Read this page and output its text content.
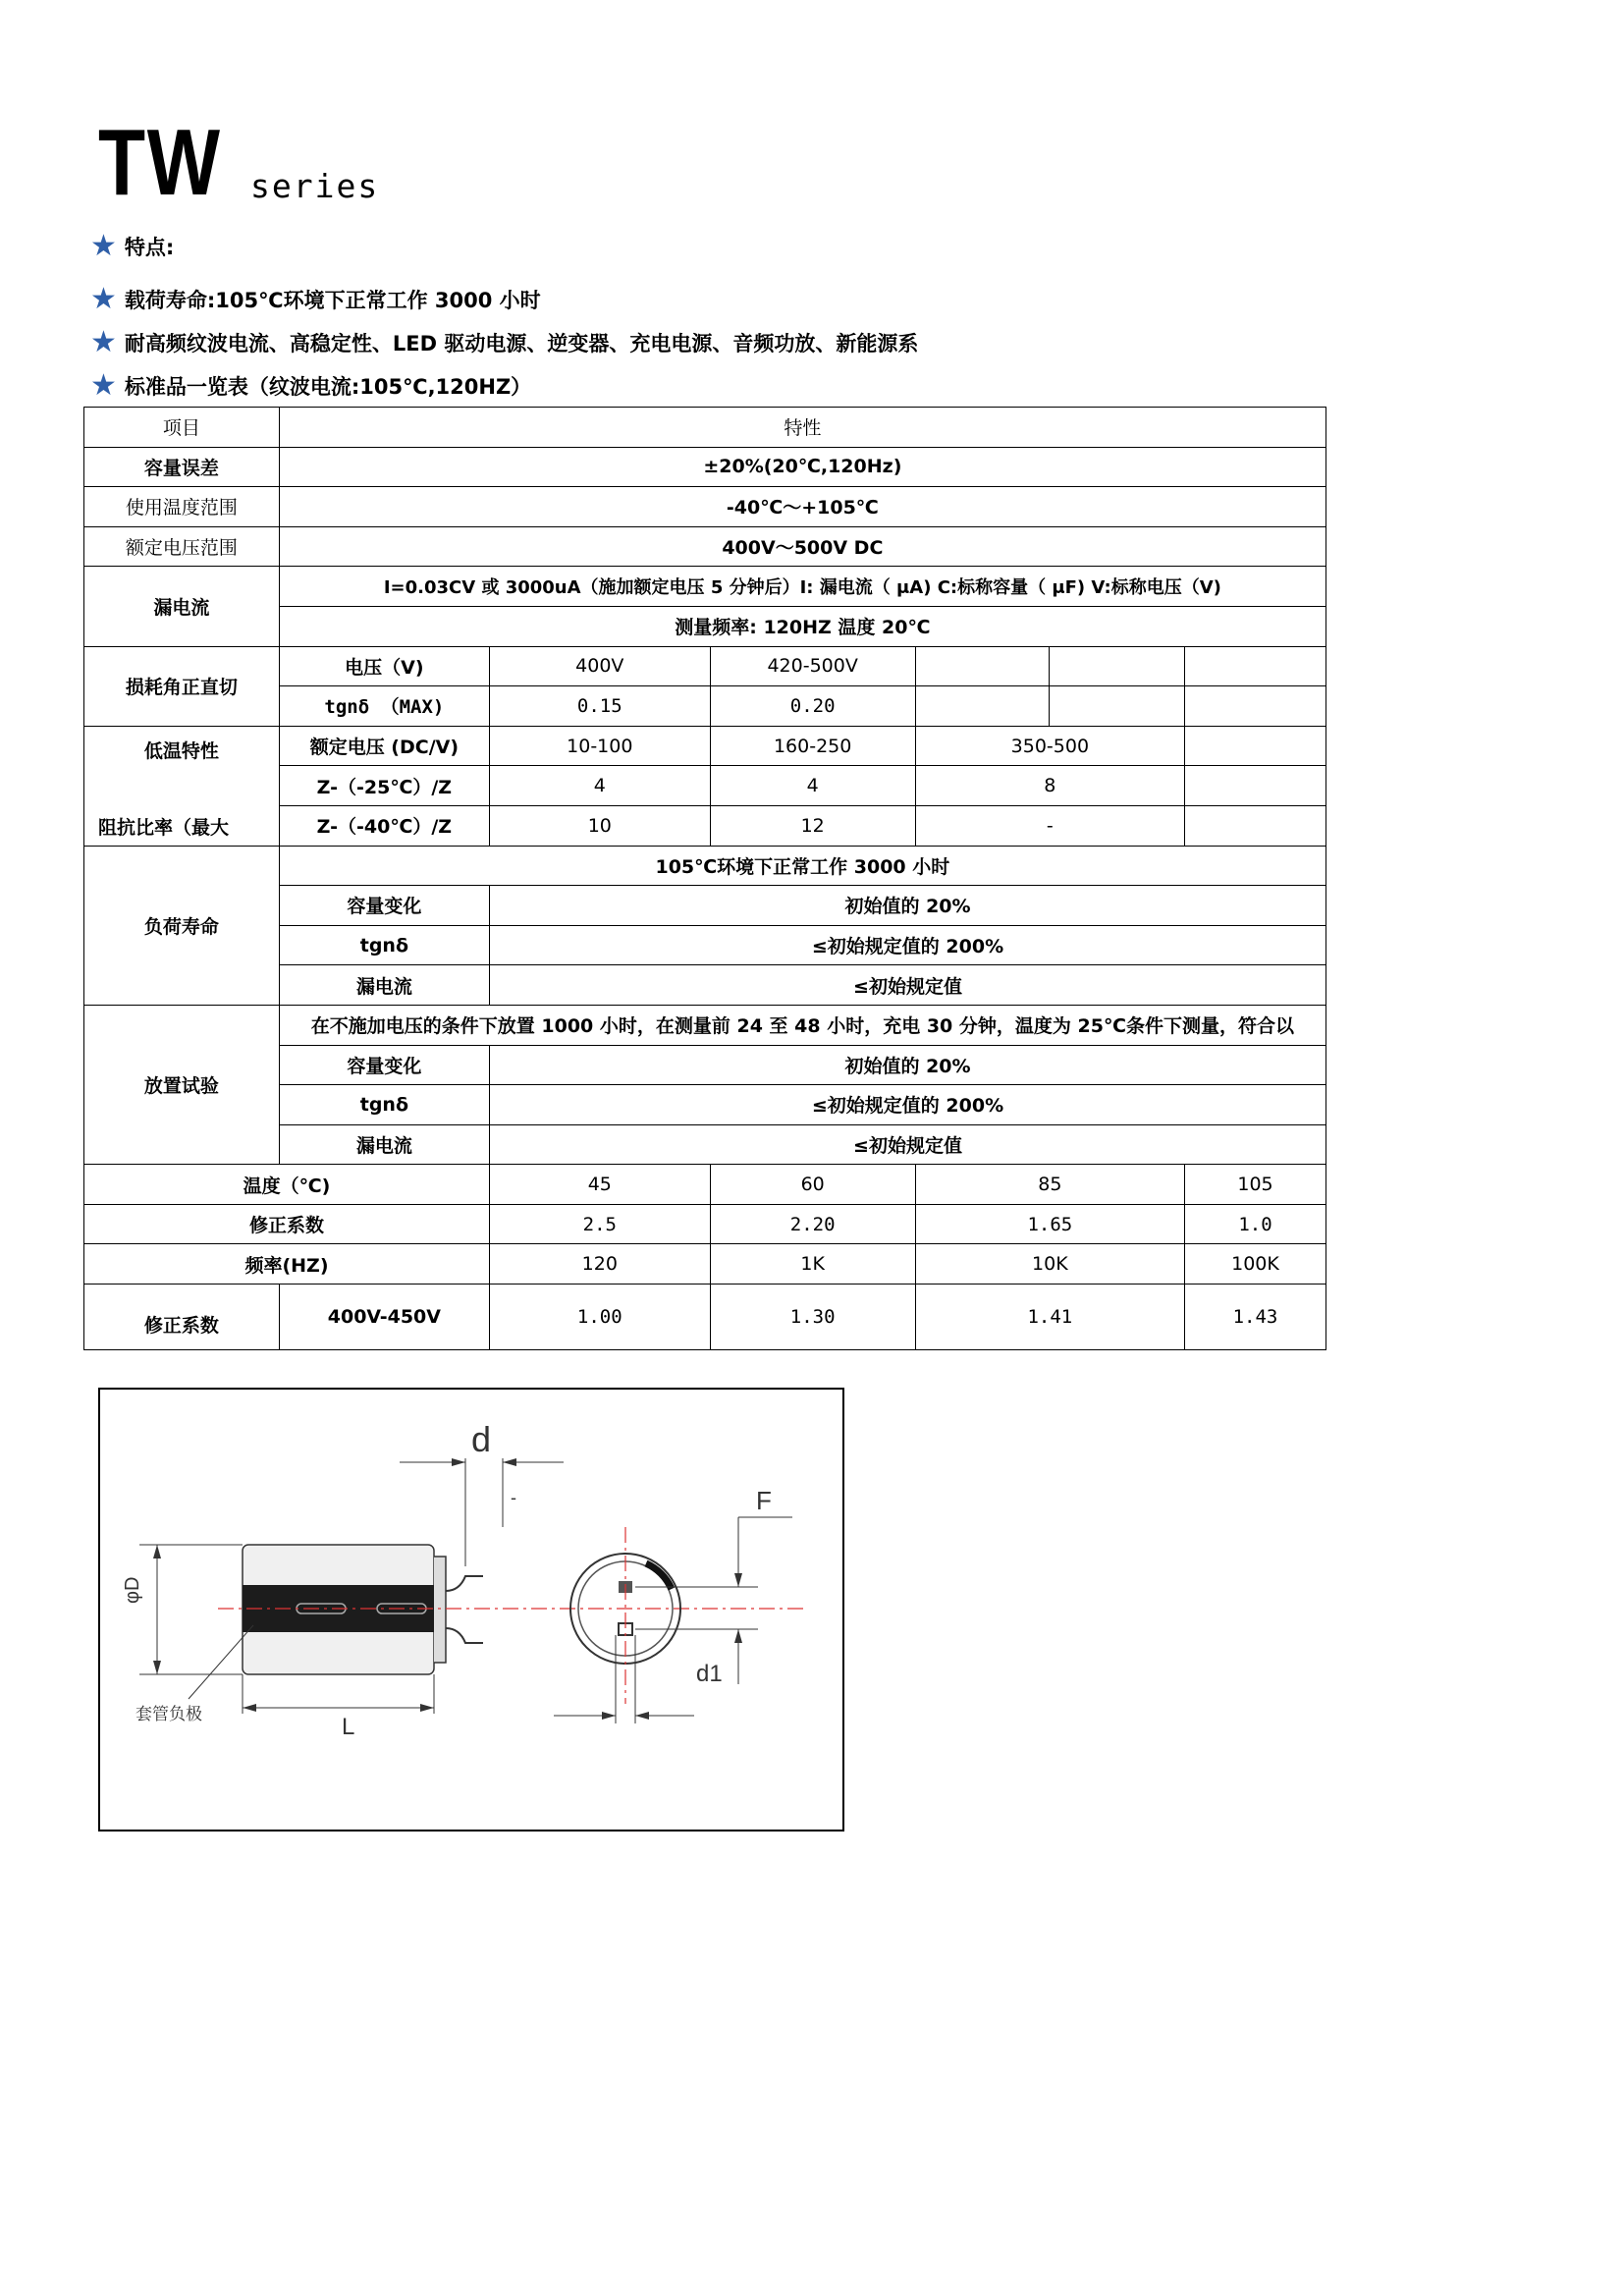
TW series
★ 特点:
★ 载荷寿命:105℃环境下正常工作 3000 小时
★ 耐高频纹波电流、高稳定性、LED 驱动电源、逆变器、充电电源、音频功放、新能源系
★ 标准品一览表（纹波电流:105℃,120HZ）
项目	特性					
容量误差	±20%(20℃,120Hz)					
使用温度范围	-40℃～+105℃					
额定电压范围	400V～500V DC					
漏电流	I=0.03CV 或 3000uA（施加额定电压 5 分钟后）I: 漏电流（ μA) C:标称容量（ μF) V:标称电压（V)					
	测量频率: 120HZ 温度 20℃					
损耗角正直切	电压（V)	400V	420-500V			
	tgnδ （MAX)	0.15	0.20			

低温特性
阻抗比率（最大	额定电压 (DC/V)	10-100	160-250	350-500		
	Z-（-25℃）/Z	4	4	8		
	Z-（-40℃）/Z	10	12	-		
负荷寿命	105℃环境下正常工作 3000 小时					
	容量变化	初始值的 20%				
	tgnδ	≤初始规定值的 200%				
	漏电流	≤初始规定值				
放置试验	在不施加电压的条件下放置 1000 小时，在测量前 24 至 48 小时，充电 30 分钟，温度为 25℃条件下测量，符合以					
	容量变化	初始值的 20%				
	tgnδ	≤初始规定值的 200%				
	漏电流	≤初始规定值				
温度（℃)		45	60	85		105
修正系数		2.5	2.20	1.65		1.0
频率(HZ)		120	1K	10K		100K
修正系数	400V-450V	1.00	1.30	1.41		1.43
d
-	F
φD
L
d1
套管负极
